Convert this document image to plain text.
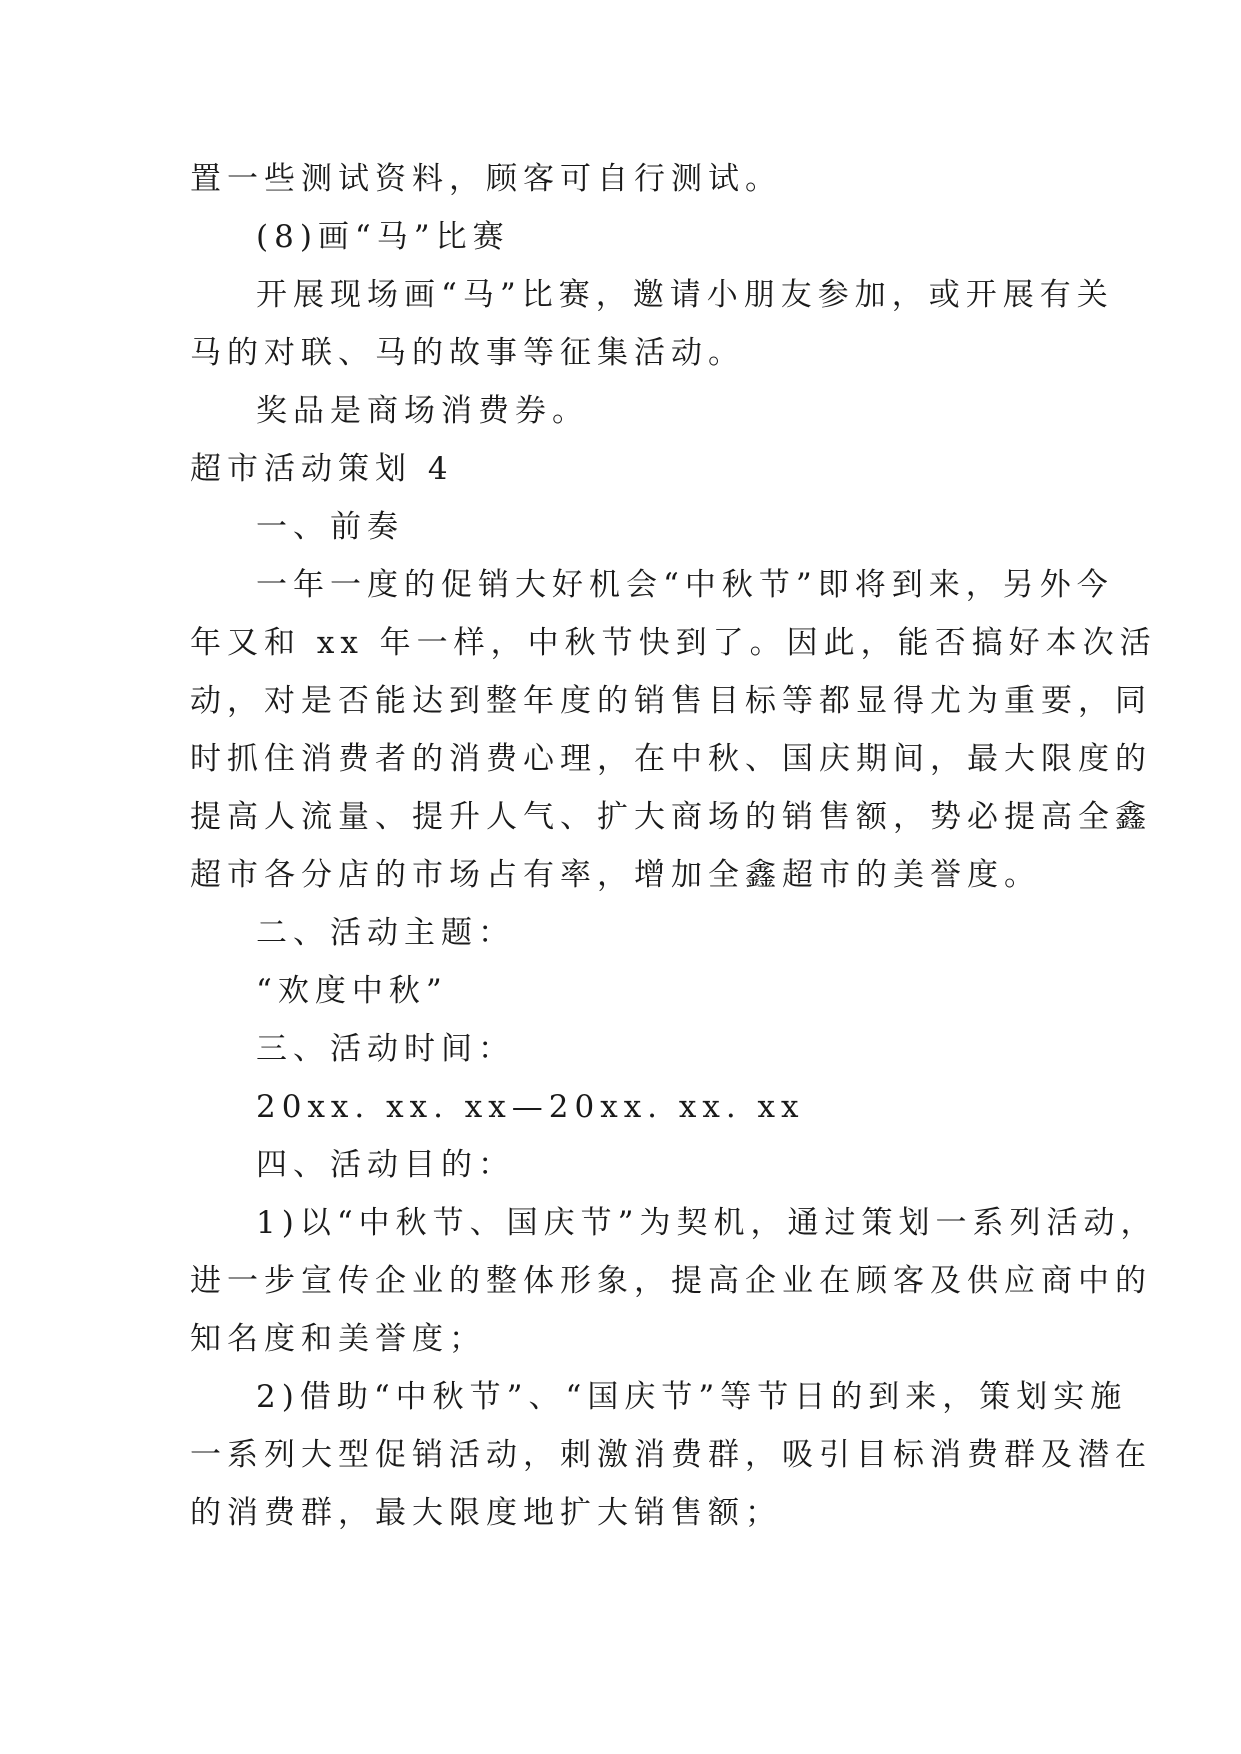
置一些测试资料，顾客可自行测试。
(8)画“马”比赛
开展现场画“马”比赛，邀请小朋友参加，或开展有关
马的对联、马的故事等征集活动。
奖品是商场消费券。
超市活动策划 4
一、前奏
一年一度的促销大好机会“中秋节”即将到来，另外今
年又和 xx 年一样，中秋节快到了。因此，能否搞好本次活
动，对是否能达到整年度的销售目标等都显得尤为重要，同
时抓住消费者的消费心理，在中秋、国庆期间，最大限度的
提高人流量、提升人气、扩大商场的销售额，势必提高全鑫
超市各分店的市场占有率，增加全鑫超市的美誉度。
二、活动主题：
“欢度中秋”
三、活动时间：
20xx. xx. xx—20xx. xx. xx
四、活动目的：
1)以“中秋节、国庆节”为契机，通过策划一系列活动，
进一步宣传企业的整体形象，提高企业在顾客及供应商中的
知名度和美誉度；
2)借助“中秋节”、“国庆节”等节日的到来，策划实施
一系列大型促销活动，刺激消费群，吸引目标消费群及潜在
的消费群，最大限度地扩大销售额；
